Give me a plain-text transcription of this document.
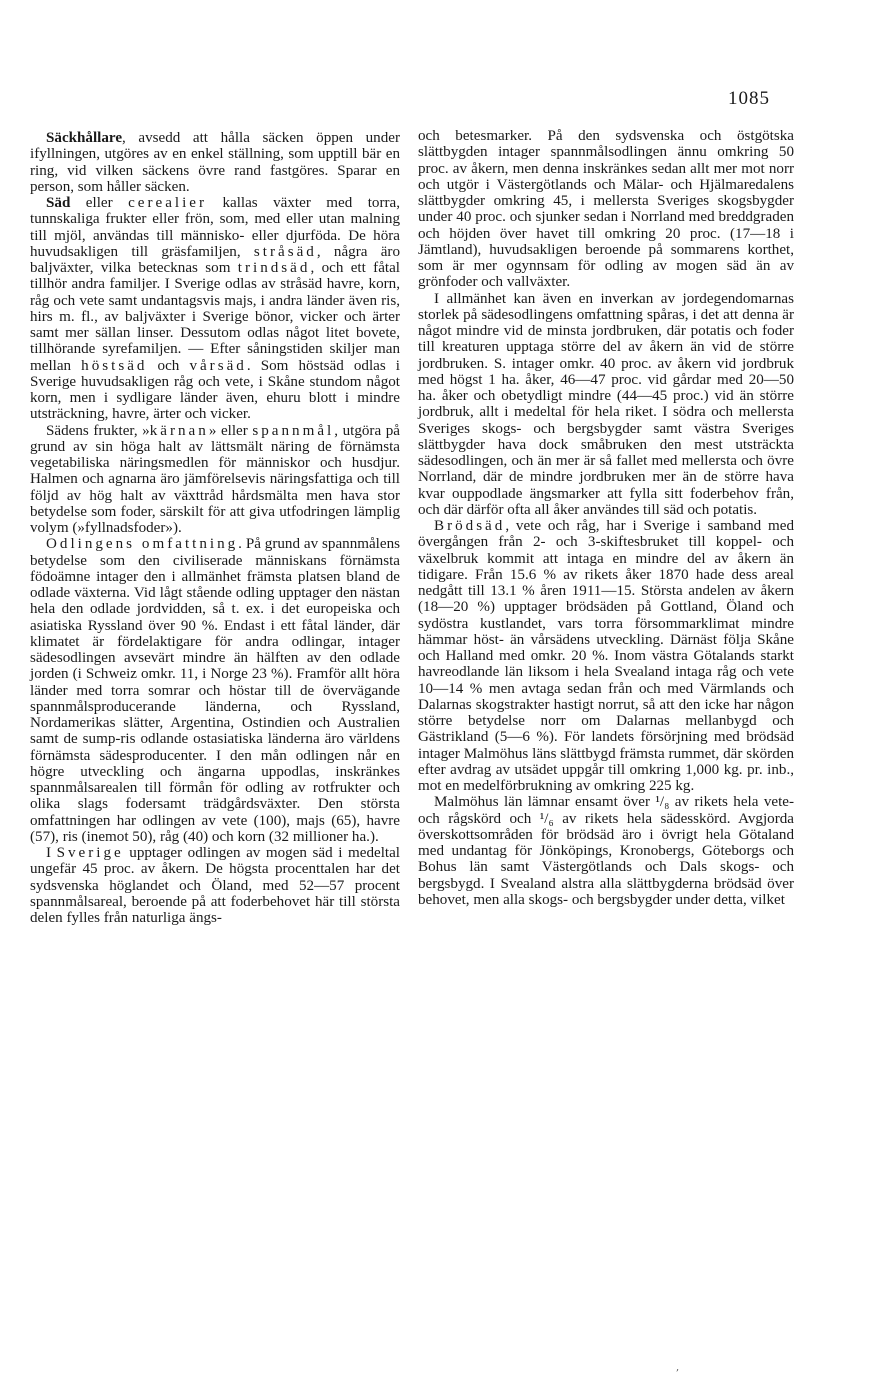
1085

Säckhållare, avsedd att hålla säcken öppen under ifyllningen, utgöres av en enkel ställning, som upptill bär en ring, vid vilken säckens övre rand fastgöres. Sparar en person, som håller säcken.

Säd eller cerealier kallas växter med torra, tunnskaliga frukter eller frön, som, med eller utan malning till mjöl, användas till människo- eller djurföda. De höra huvudsakligen till gräsfamiljen, stråsäd, några äro baljväxter, vilka betecknas som trindsäd, och ett fåtal tillhör andra familjer. I Sverige odlas av stråsäd havre, korn, råg och vete samt undantagsvis majs, i andra länder även ris, hirs m. fl., av baljväxter i Sverige bönor, vicker och ärter samt mer sällan linser. Dessutom odlas något litet bovete, tillhörande syrefamiljen. — Efter såningstiden skiljer man mellan höstsäd och vårsäd. Som höstsäd odlas i Sverige huvudsakligen råg och vete, i Skåne stundom något korn, men i sydligare länder även, ehuru blott i mindre utsträckning, havre, ärter och vicker.

Sädens frukter, »kärnan» eller spannmål, utgöra på grund av sin höga halt av lättsmält näring de förnämsta vegetabiliska näringsmedlen för människor och husdjur. Halmen och agnarna äro jämförelsevis näringsfattiga och till följd av hög halt av växttråd hårdsmälta men hava stor betydelse som foder, särskilt för att giva utfodringen lämplig volym (»fyllnadsfoder»).

Odlingens omfattning. På grund av spannmålens betydelse som den civiliserade människans förnämsta födoämne intager den i allmänhet främsta platsen bland de odlade växterna. Vid lågt stående odling upptager den nästan hela den odlade jordvidden, så t. ex. i det europeiska och asiatiska Ryssland över 90 %. Endast i ett fåtal länder, där klimatet är fördelaktigare för andra odlingar, intager sädesodlingen avsevärt mindre än hälften av den odlade jorden (i Schweiz omkr. 11, i Norge 23 %). Framför allt höra länder med torra somrar och höstar till de övervägande spannmålsproducerande länderna, och Ryssland, Nordamerikas slätter, Argentina, Ostindien och Australien samt de sump-ris odlande ostasiatiska länderna äro världens förnämsta sädesproducenter. I den mån odlingen når en högre utveckling och ängarna uppodlas, inskränkes spannmålsarealen till förmån för odling av rotfrukter och olika slags fodersamt trädgårdsväxter. Den största omfattningen har odlingen av vete (100), majs (65), havre (57), ris (inemot 50), råg (40) och korn (32 millioner ha.).

I Sverige upptager odlingen av mogen säd i medeltal ungefär 45 proc. av åkern. De högsta procenttalen har det sydsvenska höglandet och Öland, med 52—57 procent spannmålsareal, beroende på att foderbehovet här till största delen fylles från naturliga ängs-

och betesmarker. På den sydsvenska och östgötska slättbygden intager spannmålsodlingen ännu omkring 50 proc. av åkern, men denna inskränkes sedan allt mer mot norr och utgör i Västergötlands och Mälar- och Hjälmaredalens slättbygder omkring 45, i mellersta Sveriges skogsbygder under 40 proc. och sjunker sedan i Norrland med breddgraden och höjden över havet till omkring 20 proc. (17—18 i Jämtland), huvudsakligen beroende på sommarens korthet, som är mer ogynnsam för odling av mogen säd än av grönfoder och vallväxter.

I allmänhet kan även en inverkan av jordegendomarnas storlek på sädesodlingens omfattning spåras, i det att denna är något mindre vid de minsta jordbruken, där potatis och foder till kreaturen upptaga större del av åkern än vid de större jordbruken. S. intager omkr. 40 proc. av åkern vid jordbruk med högst 1 ha. åker, 46—47 proc. vid gårdar med 20—50 ha. åker och obetydligt mindre (44—45 proc.) vid än större jordbruk, allt i medeltal för hela riket. I södra och mellersta Sveriges skogs- och bergsbygder samt västra Sveriges slättbygder hava dock småbruken den mest utsträckta sädesodlingen, och än mer är så fallet med mellersta och övre Norrland, där de mindre jordbruken mer än de större hava kvar ouppodlade ängsmarker att fylla sitt foderbehov från, och där därför ofta all åker användes till säd och potatis.

Brödsäd, vete och råg, har i Sverige i samband med övergången från 2- och 3-skiftesbruket till koppel- och växelbruk kommit att intaga en mindre del av åkern än tidigare. Från 15.6 % av rikets åker 1870 hade dess areal nedgått till 13.1 % åren 1911—15. Största andelen av åkern (18—20 %) upptager brödsäden på Gottland, Öland och sydöstra kustlandet, vars torra försommarklimat mindre hämmar höst- än vårsädens utveckling. Därnäst följa Skåne och Halland med omkr. 20 %. Inom västra Götalands starkt havreodlande län liksom i hela Svealand intaga råg och vete 10—14 % men avtaga sedan från och med Värmlands och Dalarnas skogstrakter hastigt norrut, så att den icke har någon större betydelse norr om Dalarnas mellanbygd och Gästrikland (5—6 %). För landets försörjning med brödsäd intager Malmöhus läns slättbygd främsta rummet, där skörden efter avdrag av utsädet uppgår till omkring 1,000 kg. pr. inb., mot en medelförbrukning av omkring 225 kg.

Malmöhus län lämnar ensamt över ¹/₈ av rikets hela vete- och rågskörd och ¹/₆ av rikets hela sädesskörd. Avgjorda överskottsområden för brödsäd äro i övrigt hela Götaland med undantag för Jönköpings, Kronobergs, Göteborgs och Bohus län samt Västergötlands och Dals skogs- och bergsbygd. I Svealand alstra alla slättbygderna brödsäd över behovet, men alla skogs- och bergsbygder under detta, vilket

,
